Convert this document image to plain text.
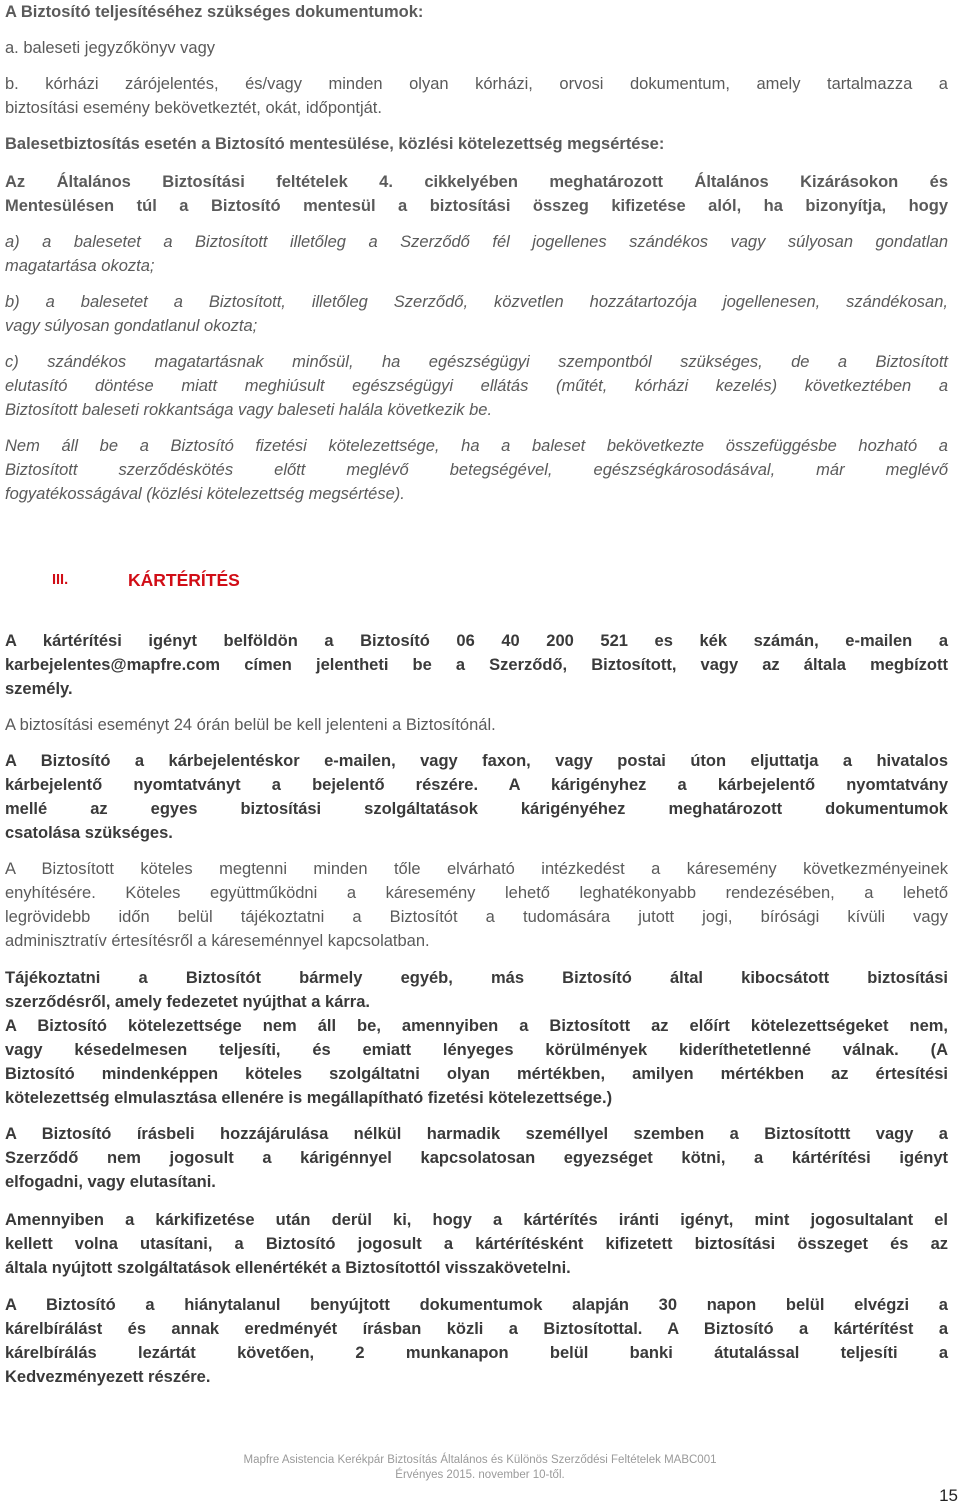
A Biztosító teljesítéséhez szükséges dokumentumok:
a. baleseti jegyzőkönyv vagy
b. kórházi zárójelentés, és/vagy minden olyan kórházi, orvosi dokumentum, amely tartalmazza a
biztosítási esemény bekövetkeztét, okát, időpontját.
Balesetbiztosítás esetén a Biztosító mentesülése, közlési kötelezettség megsértése:
Az Általános Biztosítási feltételek 4. cikkelyében meghatározott Általános Kizárásokon és
Mentesülésen túl a Biztosító mentesül a biztosítási összeg kifizetése alól, ha bizonyítja, hogy
a) a balesetet a Biztosított illetőleg a Szerződő fél jogellenes szándékos vagy súlyosan gondatlan
magatartása okozta;
b) a balesetet a Biztosított, illetőleg Szerződő, közvetlen hozzátartozója jogellenesen, szándékosan,
vagy súlyosan gondatlanul okozta;
c) szándékos magatartásnak minősül, ha egészségügyi szempontból szükséges, de a Biztosított
elutasító döntése miatt meghiúsult egészségügyi ellátás (műtét, kórházi kezelés) következtében a
Biztosított baleseti rokkantsága vagy baleseti halála következik be.
Nem áll be a Biztosító fizetési kötelezettsége, ha a baleset bekövetkezte összefüggésbe hozható a
Biztosított szerződéskötés előtt meglévő betegségével, egészségkárosodásával, már meglévő
fogyatékosságával (közlési kötelezettség megsértése).
III.	KÁRTÉRÍTÉS
A kártérítési igényt belföldön a Biztosító 06 40 200 521 es kék számán, e-mailen a
karbejelentes@mapfre.com címen jelentheti be a Szerződő, Biztosított, vagy az általa megbízott
személy.
A biztosítási eseményt 24 órán belül be kell jelenteni a Biztosítónál.
A Biztosító a kárbejelentéskor e-mailen, vagy faxon, vagy postai úton eljuttatja a hivatalos
kárbejelentő nyomtatványt a bejelentő részére. A kárigényhez a kárbejelentő nyomtatvány
mellé az egyes biztosítási szolgáltatások kárigényéhez meghatározott dokumentumok
csatolása szükséges.
A Biztosított köteles megtenni minden tőle elvárható intézkedést a káresemény következményeinek
enyhítésére. Köteles együttműködni a káresemény lehető leghatékonyabb rendezésében, a lehető
legrövidebb időn belül tájékoztatni a Biztosítót a tudomására jutott jogi, bírósági kívüli vagy
adminisztratív értesítésről a káreseménnyel kapcsolatban.
Tájékoztatni a Biztosítót bármely egyéb, más Biztosító által kibocsátott biztosítási
szerződésről, amely fedezetet nyújthat a kárra.
A Biztosító kötelezettsége nem áll be, amennyiben a Biztosított az előírt kötelezettségeket nem,
vagy késedelmesen teljesíti, és emiatt lényeges körülmények kideríthetetlenné válnak. (A
Biztosító mindenképpen köteles szolgáltatni olyan mértékben, amilyen mértékben az értesítési
kötelezettség elmulasztása ellenére is megállapítható fizetési kötelezettsége.)
A Biztosító írásbeli hozzájárulása nélkül harmadik személlyel szemben a Biztosítottt vagy a
Szerződő nem jogosult a kárigénnyel kapcsolatosan egyezséget kötni, a kártérítési igényt
elfogadni, vagy elutasítani.
Amennyiben a kárkifizetése után derül ki, hogy a kártérítés iránti igényt, mint jogosultalant el
kellett volna utasítani, a Biztosító jogosult a kártérítésként kifizetett biztosítási összeget és az
általa nyújtott szolgáltatások ellenértékét a Biztosítottól visszakövetelni.
A Biztosító a hiánytalanul benyújtott dokumentumok alapján 30 napon belül elvégzi a
kárelbírálást és annak eredményét írásban közli a Biztosítottal. A Biztosító a kártérítést a
kárelbírálás lezártát követően, 2 munkanapon belül banki átutalással teljesíti a
Kedvezményezett részére.
Mapfre Asistencia Kerékpár Biztosítás Általános és Különös Szerződési Feltételek MABC001
Érvényes 2015. november 10-től.
15
